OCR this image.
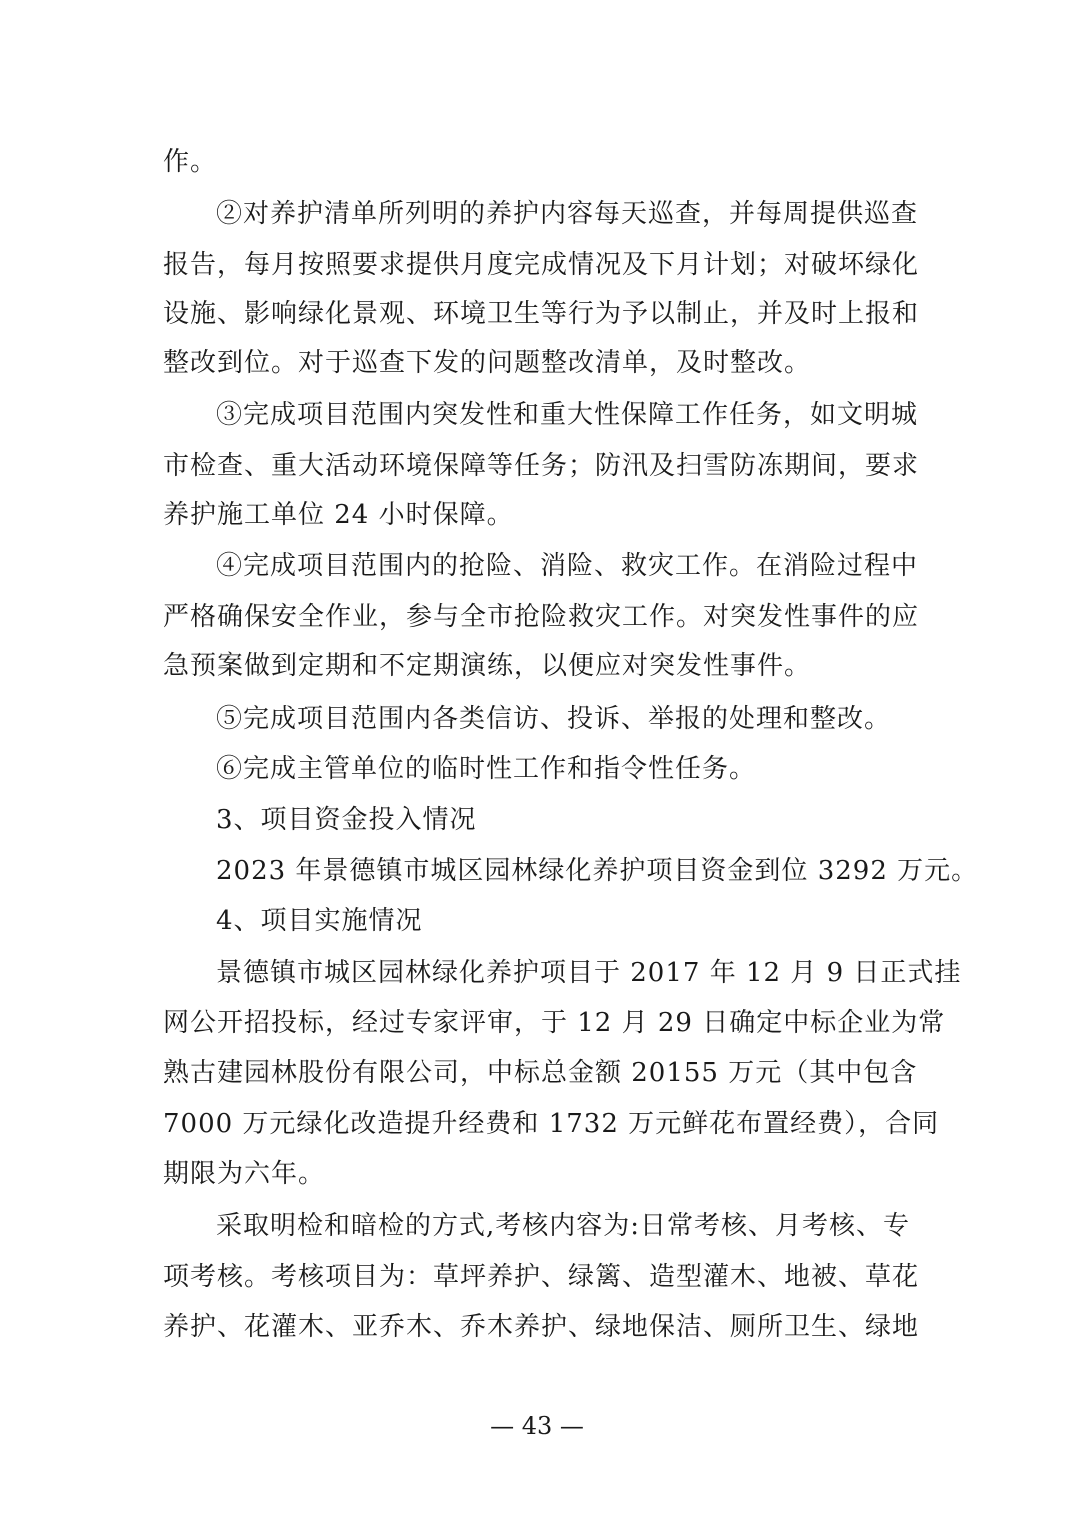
作。
②对养护清单所列明的养护内容每天巡查，并每周提供巡查
报告，每月按照要求提供月度完成情况及下月计划；对破坏绿化
设施、影响绿化景观、环境卫生等行为予以制止，并及时上报和
整改到位。对于巡查下发的问题整改清单，及时整改。
③完成项目范围内突发性和重大性保障工作任务，如文明城
市检查、重大活动环境保障等任务；防汛及扫雪防冻期间，要求
养护施工单位 24 小时保障。
④完成项目范围内的抢险、消险、救灾工作。在消险过程中
严格确保安全作业，参与全市抢险救灾工作。对突发性事件的应
急预案做到定期和不定期演练，以便应对突发性事件。
⑤完成项目范围内各类信访、投诉、举报的处理和整改。
⑥完成主管单位的临时性工作和指令性任务。
3、项目资金投入情况
2023 年景德镇市城区园林绿化养护项目资金到位 3292 万元。
4、项目实施情况
景德镇市城区园林绿化养护项目于 2017 年 12 月 9 日正式挂
网公开招投标，经过专家评审，于 12 月 29 日确定中标企业为常
熟古建园林股份有限公司，中标总金额 20155 万元（其中包含
7000 万元绿化改造提升经费和 1732 万元鲜花布置经费），合同
期限为六年。
采取明检和暗检的方式,考核内容为:日常考核、月考核、专
项考核。考核项目为：草坪养护、绿篱、造型灌木、地被、草花
养护、花灌木、亚乔木、乔木养护、绿地保洁、厕所卫生、绿地
— 43 —
